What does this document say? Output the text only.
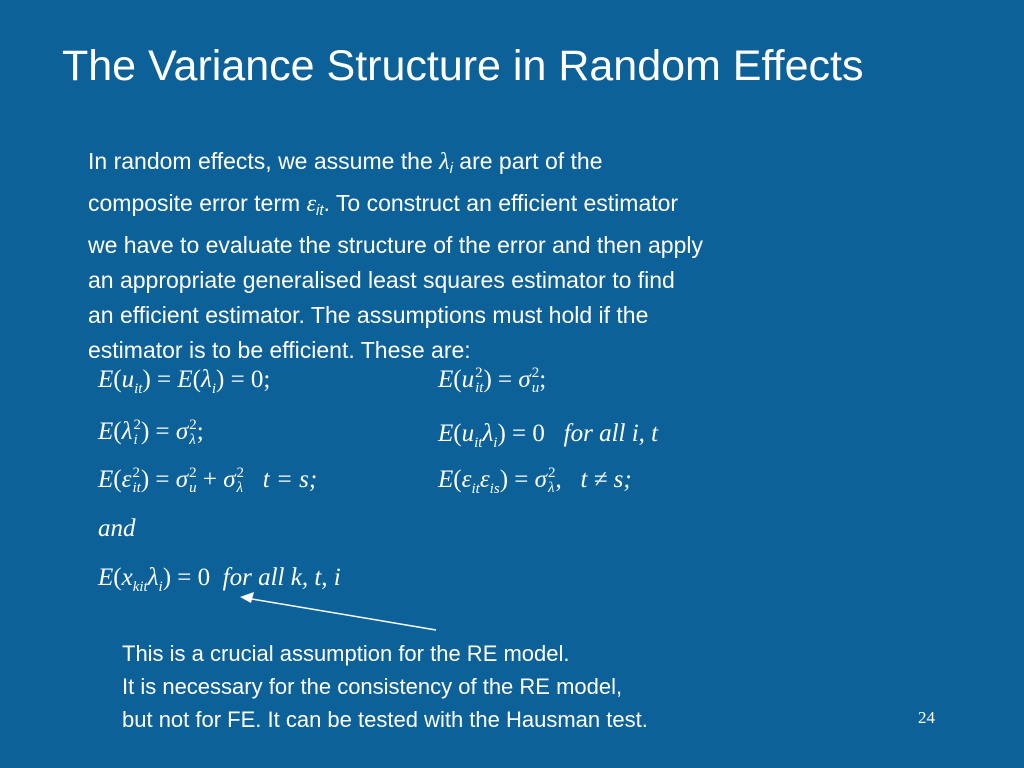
The Variance Structure in Random Effects
In random effects, we assume the $\lambda_i$ are part of the
composite error term $\varepsilon_{it}$. To construct an efficient estimator
we have to evaluate the structure of the error and then apply
an appropriate generalised least squares estimator to find
an efficient estimator. The assumptions must hold if the
estimator is to be efficient. These are:
$E(u_{it}) = E(\lambda_i) = 0$;	E(u 2
it ) = σ 2
u ;
E(λ 2
i ) = σ 2
λ ;	$E(u_{it}\lambda_i) = 0$   for all i, t
E(ε 2
it ) = σ 2
u + σ 2
λ t = s;	$E(\varepsilon_{it}\varepsilon_{is}) = \sigma$ 2
λ ,   t ≠ s;
and
$E(x_{kit}\lambda_i) = 0$  for all k, t, i
This is a crucial assumption for the RE model.
It is necessary for the consistency of the RE model,
but not for FE. It can be tested with the Hausman test.	24
